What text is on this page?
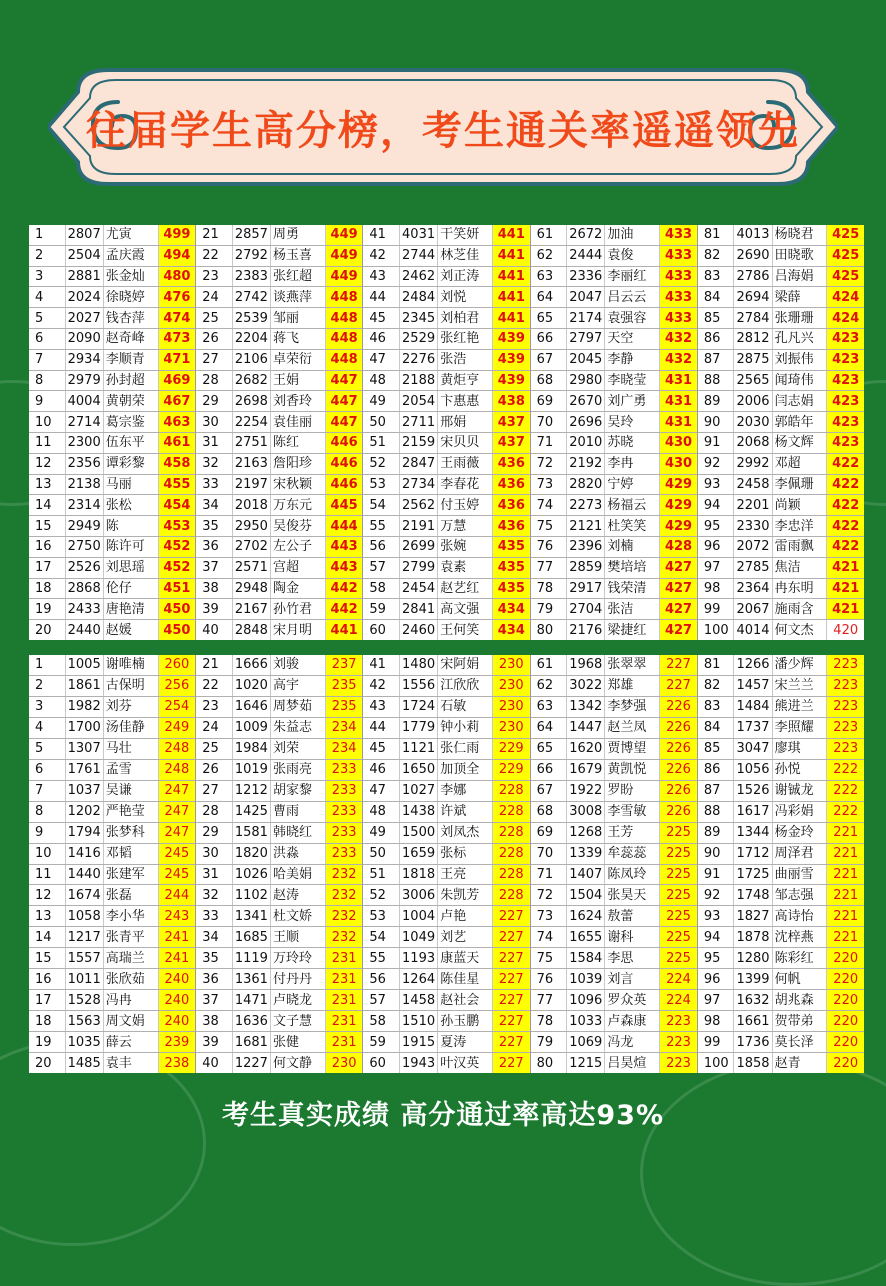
往届学生高分榜，考生通关率遥遥领先
1	2807 尤寅	499
2	2504 孟庆霞	494
3	2881 张金灿	480
4	2024 徐晓婷	476
5	2027 钱杏萍	474
6	2090 赵奇峰	473
7	2934 李顺青	471
8	2979 孙封超	469
9	4004 黄朝荣	467
10	2714 葛宗鉴	463
11	2300 伍东平	461
12	2356 谭彩黎	458
13	2138 马丽	455
14	2314 张松	454
15	2949 陈	453
16	2750 陈许可	452
17	2526 刘思瑶	452
18	2868 伦仔	451
19	2433 唐艳清	450
20	2440 赵媛	450
21	2857 周勇	449
22	2792 杨玉喜	449
23	2383 张红超	449
24	2742 谈燕萍	448
25	2539 邹丽	448
26	2204 蒋飞	448
27	2106 卓荣衍	448
28	2682 王娟	447
29	2698 刘香玲	447
30	2254 袁佳丽	447
31	2751 陈红	446
32	2163 詹阳珍	446
33	2197 宋秋颖	446
34	2018 万东元	445
35	2950 吴俊芬	444
36	2702 左公子	443
37	2571 宫超	443
38	2948 陶金	442
39	2167 孙竹君	442
40	2848 宋月明	441
41	4031 干笑妍	441
42	2744 林芝佳	441
43	2462 刘正涛	441
44	2484 刘悦	441
45	2345 刘柏君	441
46	2529 张红艳	439
47	2276 张浩	439
48	2188 黄炬亨	439
49	2054 卞惠惠	438
50	2711 邢娟	437
51	2159 宋贝贝	437
52	2847 王雨薇	436
53	2734 李春花	436
54	2562 付玉婷	436
55	2191 万慧	436
56	2699 张婉	435
57	2799 袁素	435
58	2454 赵艺红	435
59	2841 高文强	434
60	2460 王何笑	434
61	2672 加油	433
62	2444 袁俊	433
63	2336 李丽红	433
64	2047 吕云云	433
65	2174 袁强容	433
66	2797 天空	432
67	2045 李静	432
68	2980 李晓莹	431
69	2670 刘广勇	431
70	2696 吴玲	431
71	2010 苏晓	430
72	2192 李冉	430
73	2820 宁婷	429
74	2273 杨福云	429
75	2121 杜笑笑	429
76	2396 刘楠	428
77	2859 樊培培	427
78	2917 钱荣清	427
79	2704 张洁	427
80	2176 梁捷红	427
81	4013 杨晓君	425
82	2690 田晓歌	425
83	2786 吕海娟	425
84	2694 梁薛	424
85	2784 张珊珊	424
86	2812 孔凡兴	423
87	2875 刘振伟	423
88	2565 闻琦伟	423
89	2006 闫志娟	423
90	2030 郭皓年	423
91	2068 杨文辉	423
92	2992 邓超	422
93	2458 李佩珊	422
94	2201 尚颖	422
95	2330 李忠洋	422
96	2072 雷雨飘	422
97	2785 焦洁	421
98	2364 冉东明	421
99	2067 施雨含	421
100 4014 何文杰	420
1	1005 谢唯楠	260
2	1861 古保明	256
3	1982 刘芬	254
4	1700 汤佳静	249
5	1307 马壮	248
6	1761 孟雪	248
7	1037 吴谦	247
8	1202 严艳莹	247
9	1794 张梦科	247
10	1416 邓韬	245
11	1440 张建军	245
12	1674 张磊	244
13	1058 李小华	243
14	1217 张青平	241
15	1557 高瑞兰	241
16	1011 张欣茹	240
17	1528 冯冉	240
18	1563 周文娟	240
19	1035 薛云	239
20	1485 袁丰	238
21	1666 刘骏	237
22	1020 高宇	235
23	1646 周梦茹	235
24	1009 朱益志	234
25	1984 刘荣	234
26	1019 张雨亮	233
27	1212 胡家黎	233
28	1425 曹雨	233
29	1581 韩晓红	233
30	1820 洪淼	233
31	1026 哈美娟	232
32	1102 赵涛	232
33	1341 杜文娇	232
34	1685 王顺	232
35	1119 万玲玲	231
36	1361 付丹丹	231
37	1471 卢晓龙	231
38	1636 文子慧	231
39	1681 张健	231
40	1227 何文静	230
41	1480 宋阿娟	230
42	1556 江欣欣	230
43	1724 石敏	230
44	1779 钟小莉	230
45	1121 张仁雨	229
46	1650 加顶全	229
47	1027 李娜	228
48	1438 许斌	228
49	1500 刘凤杰	228
50	1659 张标	228
51	1818 王亮	228
52	3006 朱凯芳	228
53	1004 卢艳	227
54	1049 刘艺	227
55	1193 康蓝天	227
56	1264 陈佳星	227
57	1458 赵社会	227
58	1510 孙玉鹏	227
59	1915 夏涛	227
60	1943 叶汉英	227
61	1968 张翠翠	227
62	3022 郑雄	227
63	1342 李梦强	226
64	1447 赵兰凤	226
65	1620 贾博望	226
66	1679 黄凯悦	226
67	1922 罗盼	226
68	3008 李雪敏	226
69	1268 王芳	225
70	1339 牟蕊蕊	225
71	1407 陈凤玲	225
72	1504 张昊天	225
73	1624 敖蕾	225
74	1655 谢科	225
75	1584 李思	225
76	1039 刘言	224
77	1096 罗众英	224
78	1033 卢森康	223
79	1069 冯龙	223
80	1215 吕昊煊	223
81	1266 潘少辉	223
82	1457 宋兰兰	223
83	1484 熊进兰	223
84	1737 李照耀	223
85	3047 廖琪	223
86	1056 孙悦	222
87	1526 谢铖龙	222
88	1617 冯彩娟	222
89	1344 杨金玲	221
90	1712 周泽君	221
91	1725 曲丽雪	221
92	1748 邹志强	221
93	1827 高诗怡	221
94	1878 沈梓燕	221
95	1280 陈彩红	220
96	1399 何帆	220
97	1632 胡兆森	220
98	1661 贺带弟	220
99	1736 莫长泽	220
100 1858 赵青	220
考生真实成绩 高分通过率高达93%
